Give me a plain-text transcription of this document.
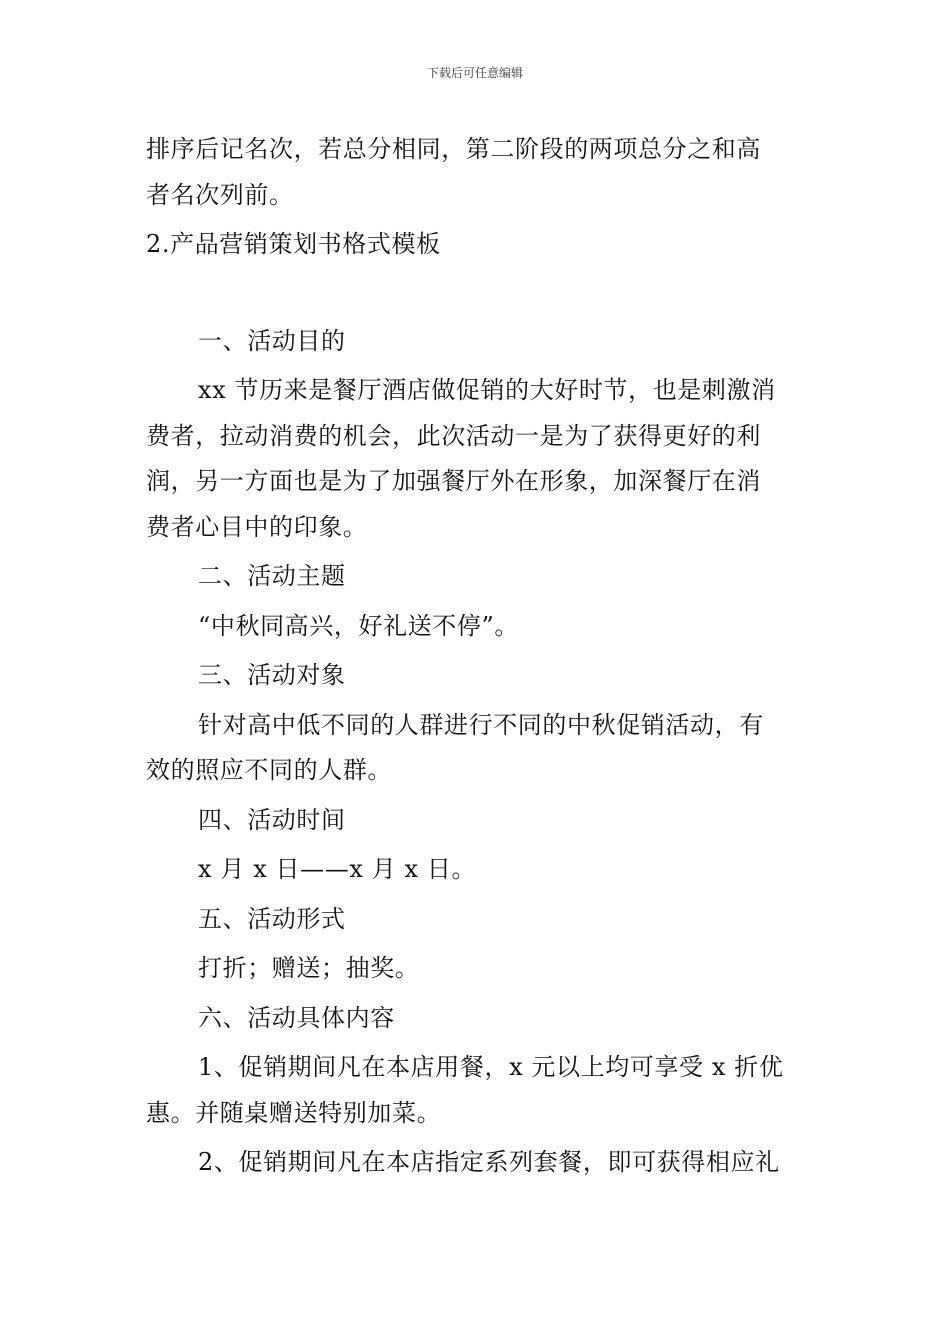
下载后可任意编辑
排序后记名次，若总分相同，第二阶段的两项总分之和高
者名次列前。
2.产品营销策划书格式模板
一、活动目的
xx 节历来是餐厅酒店做促销的大好时节，也是刺激消
费者，拉动消费的机会，此次活动一是为了获得更好的利
润，另一方面也是为了加强餐厅外在形象，加深餐厅在消
费者心目中的印象。
二、活动主题
“中秋同高兴，好礼送不停”。
三、活动对象
针对高中低不同的人群进行不同的中秋促销活动，有
效的照应不同的人群。
四、活动时间
x 月 x 日——x 月 x 日。
五、活动形式
打折；赠送；抽奖。
六、活动具体内容
1、促销期间凡在本店用餐，x 元以上均可享受 x 折优
惠。并随桌赠送特别加菜。
2、促销期间凡在本店指定系列套餐，即可获得相应礼
